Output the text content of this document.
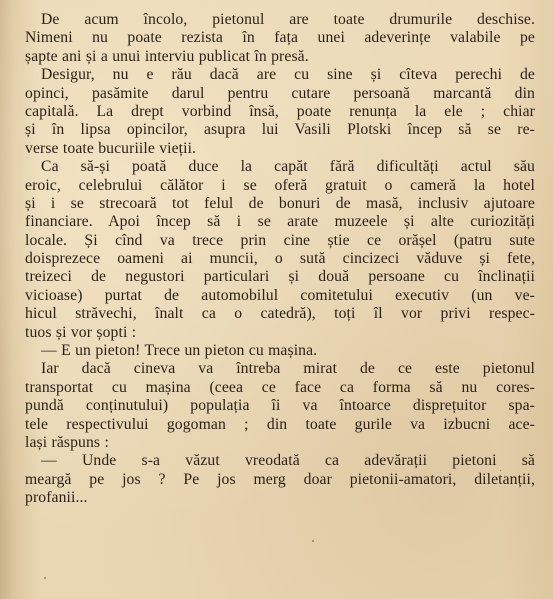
De acum încolo, pietonul are toate drumurile deschise.
Nimeni nu poate rezista în fața unei adeverințe valabile pe
șapte ani și a unui interviu publicat în presă.
Desigur, nu e rău dacă are cu sine și cîteva perechi de
opinci, pasămite darul pentru cutare persoană marcantă din
capitală. La drept vorbind însă, poate renunța la ele ; chiar
și în lipsa opincilor, asupra lui Vasili Plotski încep să se re-
verse toate bucuriile vieții.
Ca să-și poată duce la capăt fără dificultăți actul său
eroic, celebrului călător i se oferă gratuit o cameră la hotel
și i se strecoară tot felul de bonuri de masă, inclusiv ajutoare
financiare. Apoi încep să i se arate muzeele și alte curiozități
locale. Și cînd va trece prin cine știe ce orășel (patru sute
doisprezece oameni ai muncii, o sută cincizeci văduve și fete,
treizeci de negustori particulari și două persoane cu înclinații
vicioase) purtat de automobilul comitetului executiv (un ve-
hicul străvechi, înalt ca o catedră), toți îl vor privi respec-
tuos și vor șopti :
— E un pieton! Trece un pieton cu mașina.
Iar dacă cineva va întreba mirat de ce este pietonul
transportat cu mașina (ceea ce face ca forma să nu cores-
pundă conținutului) populația îi va întoarce disprețuitor spa-
tele respectivului gogoman ; din toate gurile va izbucni ace-
lași răspuns :
— Unde s-a văzut vreodată ca adevărații pietoni să
meargă pe jos ? Pe jos merg doar pietonii-amatori, diletanții,
profanii...
